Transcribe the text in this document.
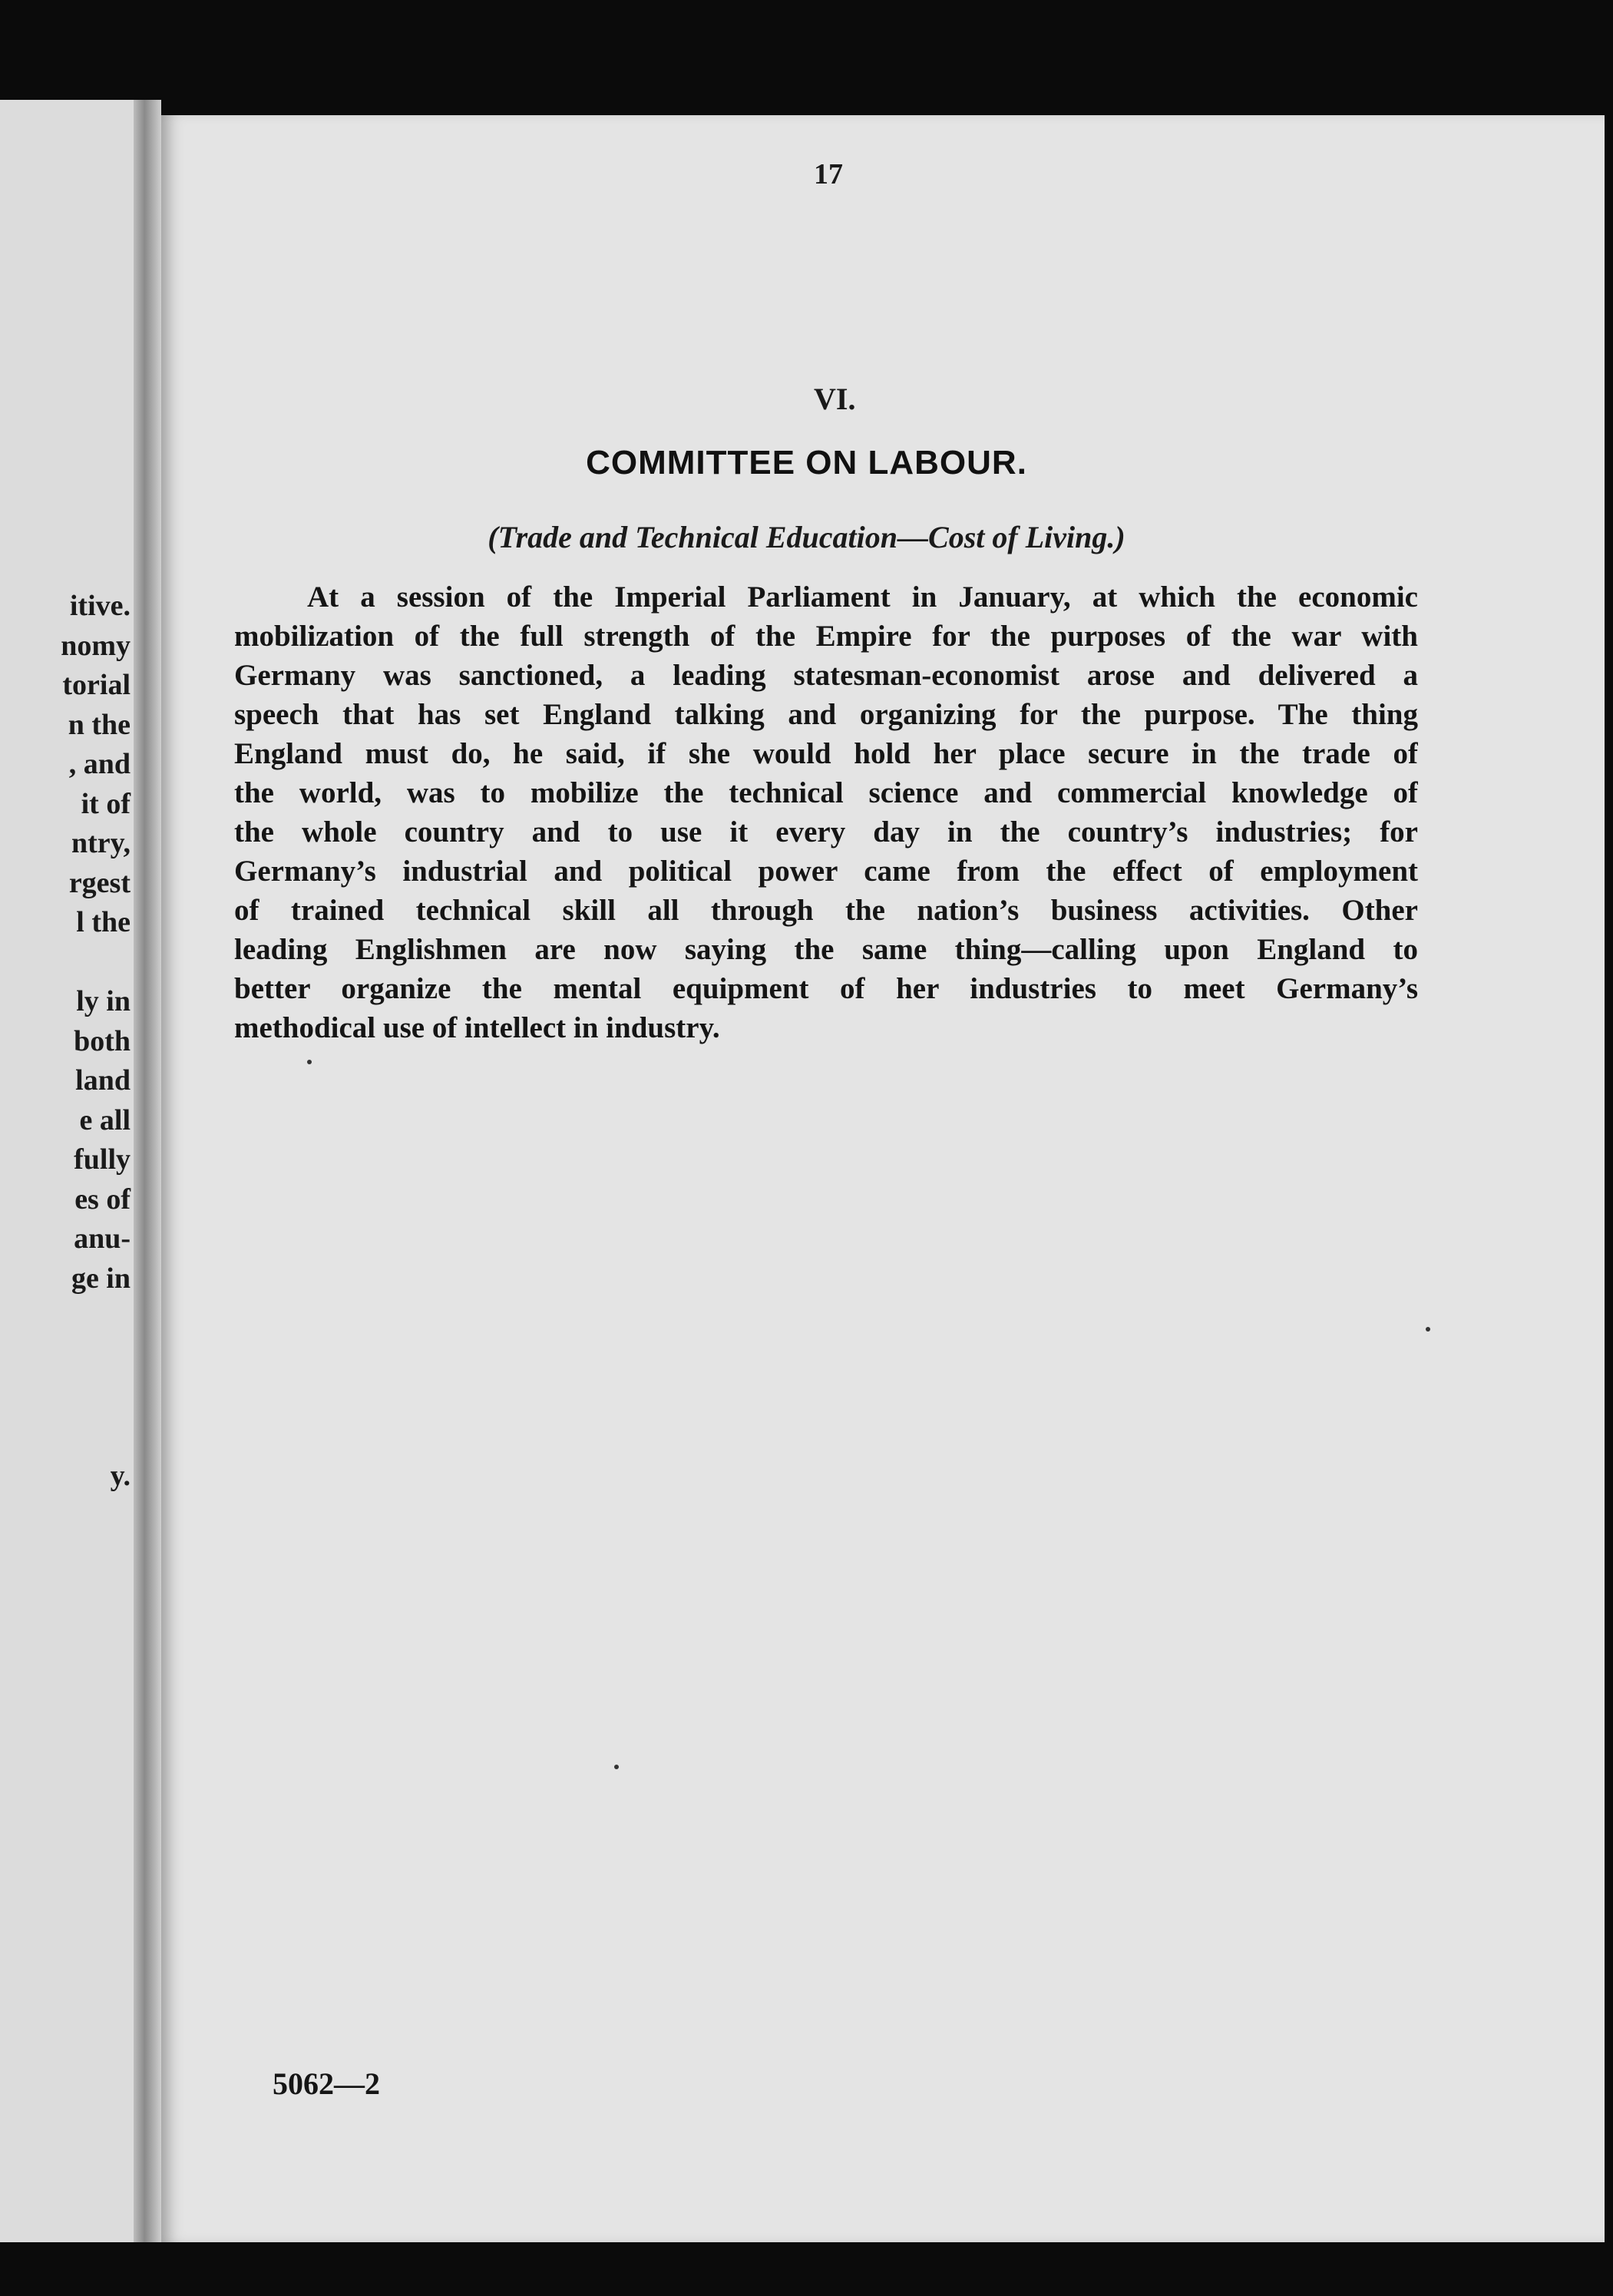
itive.
nomy
torial
n the
, and
it of
ntry,
rgest
l the
ly in
both
land
e all
fully
es of
anu-
ge in
y.
17
VI.
COMMITTEE ON LABOUR.
(Trade and Technical Education—Cost of Living.)
At a session of the Imperial Parliament in January, at which the economic
mobilization of the full strength of the Empire for the purposes of the war with
Germany was sanctioned, a leading statesman-economist arose and delivered a
speech that has set England talking and organizing for the purpose. The thing
England must do, he said, if she would hold her place secure in the trade of
the world, was to mobilize the technical science and commercial knowledge of
the whole country and to use it every day in the country’s industries; for
Germany’s industrial and political power came from the effect of employment
of trained technical skill all through the nation’s business activities. Other
leading Englishmen are now saying the same thing—calling upon England to
better organize the mental equipment of her industries to meet Germany’s
methodical use of intellect in industry.
5062—2
